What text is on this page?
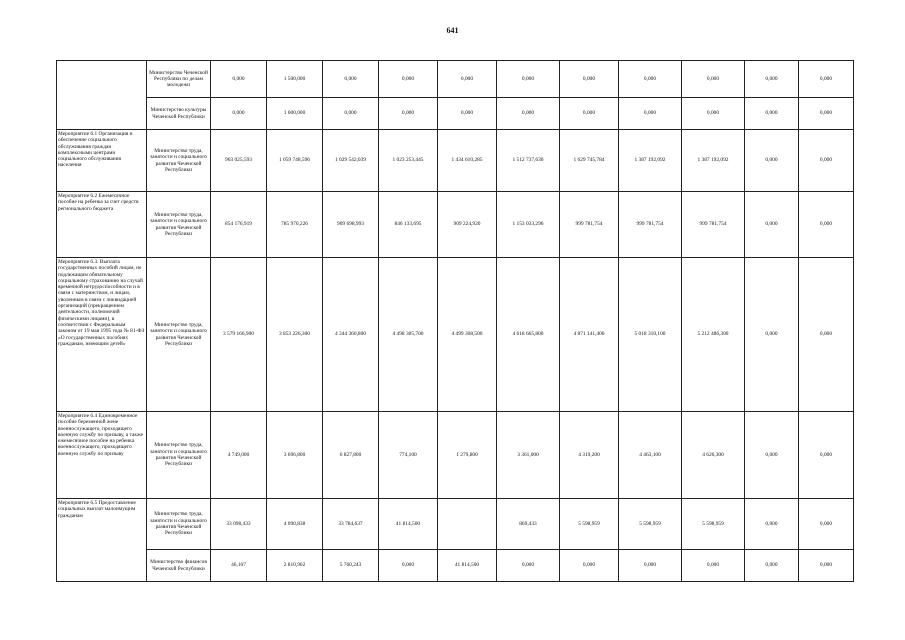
641
	Министерство Чеченской Республики по делам молодежи	0,000	1 500,000	0,000	0,000	0,000	0,000	0,000	0,000	0,000	0,000	0,000
	Министерство культуры Чеченской Республики	0,000	1 600,000	0,000	0,000	0,000	0,000	0,000	0,000	0,000	0,000	0,000
Мероприятие 6.1 Организация и обеспечение социального обслуживания граждан комплексными центрами социального обслуживания населения	Министерство труда, занятости и социального развития Чеченской Республики	963 025,593	1 059 748,596	1 029 542,039	1 023 253,445	1 434 610,285	1 512 737,630	1 629 745,784	1 387 192,092	1 387 192,092	0,000	0,000
Мероприятие 6.2 Ежемесячное пособие на ребенка за счет средств регионального бюджета	Министерство труда, занятости и социального развития Чеченской Республики	854 176,919	785 970,226	909 698,993	846 133,695	909 224,920	1 153 033,296	999 781,754	999 781,754	999 781,754	0,000	0,000
Мероприятие 6.3. Выплата государственных пособий лицам, не подлежащим обязательному социальному страхованию на случай временной нетрудоспособности и в связи с материнством, и лицам, уволенным в связи с ликвидацией организаций (прекращением деятельности, полномочий физическими лицами), в соответствии с Федеральным законом от 19 мая 1995 года № 81-ФЗ «О государственных пособиях гражданам, имеющим детей»	Министерство труда, занятости и социального развития Чеченской Республики	3 579 166,900	3 853 226,300	4 344 360,800	4 498 305,700	4 499 308,500	4 618 665,800	4 871 141,400	5 018 310,100	5 212 486,300	0,000	0,000
Мероприятие 6.4 Единовременное пособие беременной жене военнослужащего, проходящего военную службу по призыву, а также ежемесячное пособие на ребенка военнослужащего, проходящего военную службу по призыву	Министерство труда, занятости и социального развития Чеченской Республики	4 749,000	3 696,800	6 827,800	774,100	1 279,800	3 361,000	4 319,200	4 463,100	4 626,300	0,000	0,000
Мероприятие 6.5 Предоставление социальных выплат малоимущим гражданам	Министерство труда, занятости и социального развития Чеченской Республики	33 098,433	4 090,838	33 784,637	41 814,500		869,433	5 598,959	5 598,959	5 598,959	0,000	0,000
	Министерство финансов Чеченской Республики	46,107	2 810,902	5 760,243	0,000	41 814,500	0,000	0,000	0,000	0,000	0,000	0,000
